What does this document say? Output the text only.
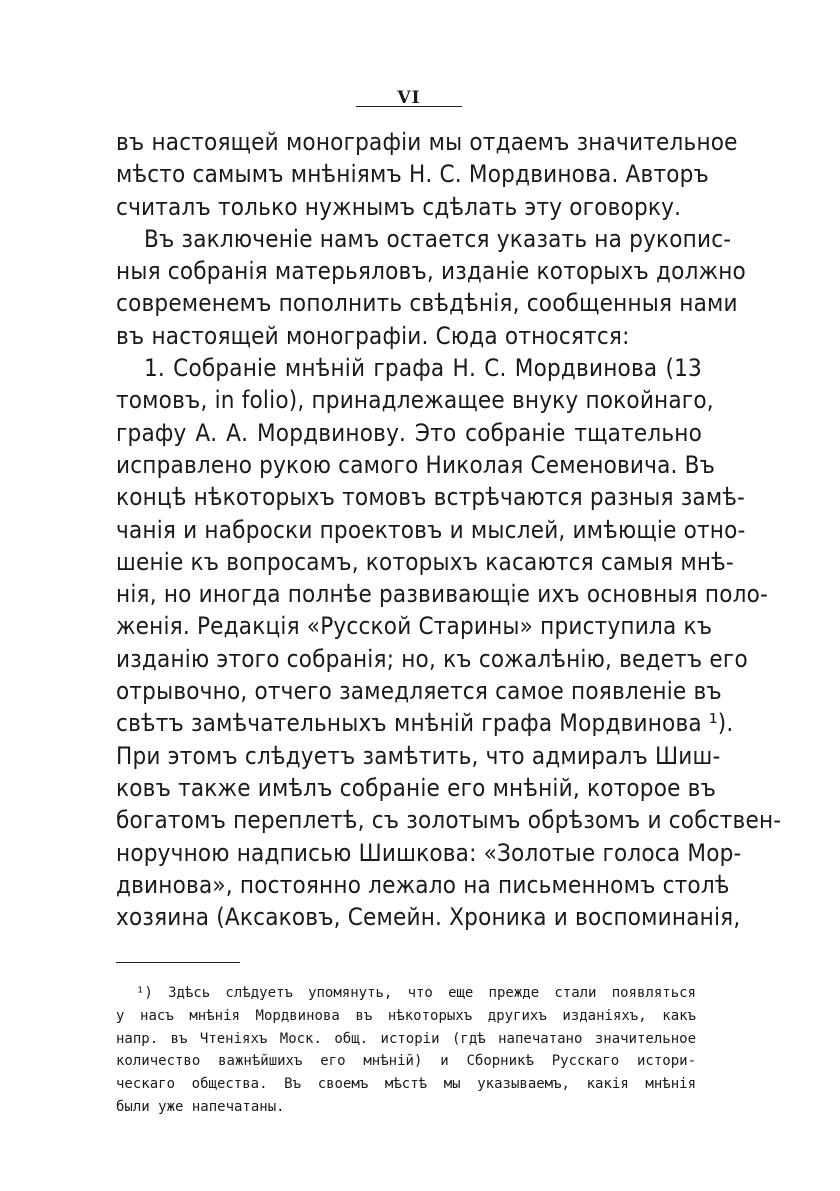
VI
въ настоящей монографіи мы отдаемъ значительное
мѣсто самымъ мнѣніямъ Н. С. Мордвинова. Авторъ
считалъ только нужнымъ сдѣлать эту оговорку.
Въ заключеніе намъ остается указать на рукопис-
ныя собранія матерьяловъ, изданіе которыхъ должно
современемъ пополнить свѣдѣнія, сообщенныя нами
въ настоящей монографіи. Сюда относятся:
1. Собраніе мнѣній графа Н. С. Мордвинова (13
томовъ, in folio), принадлежащее внуку покойнаго,
графу А. А. Мордвинову. Это собраніе тщательно
исправлено рукою самого Николая Семеновича. Въ
концѣ нѣкоторыхъ томовъ встрѣчаются разныя замѣ-
чанія и наброски проектовъ и мыслей, имѣющіе отно-
шеніе къ вопросамъ, которыхъ касаются самыя мнѣ-
нія, но иногда полнѣе развивающіе ихъ основныя поло-
женія. Редакція «Русской Старины» приступила къ
изданію этого собранія; но, къ сожалѣнію, ведетъ его
отрывочно, отчего замедляется самое появленіе въ
свѣтъ замѣчательныхъ мнѣній графа Мордвинова ¹).
При этомъ слѣдуетъ замѣтить, что адмиралъ Шиш-
ковъ также имѣлъ собраніе его мнѣній, которое въ
богатомъ переплетѣ, съ золотымъ обрѣзомъ и собствен-
норучною надписью Шишкова: «Золотые голоса Мор-
двинова», постоянно лежало на письменномъ столѣ
хозяина (Аксаковъ, Семейн. Хроника и воспоминанія,
¹) Здѣсь слѣдуетъ упомянуть, что еще прежде стали появляться
у насъ мнѣнія Мордвинова въ нѣкоторыхъ другихъ изданіяхъ, какъ
напр. въ Чтеніяхъ Моск. общ. исторіи (гдѣ напечатано значительное
количество важнѣйшихъ его мнѣній) и Сборникѣ Русскаго истори-
ческаго общества. Въ своемъ мѣстѣ мы указываемъ, какія мнѣнія
были уже напечатаны.
